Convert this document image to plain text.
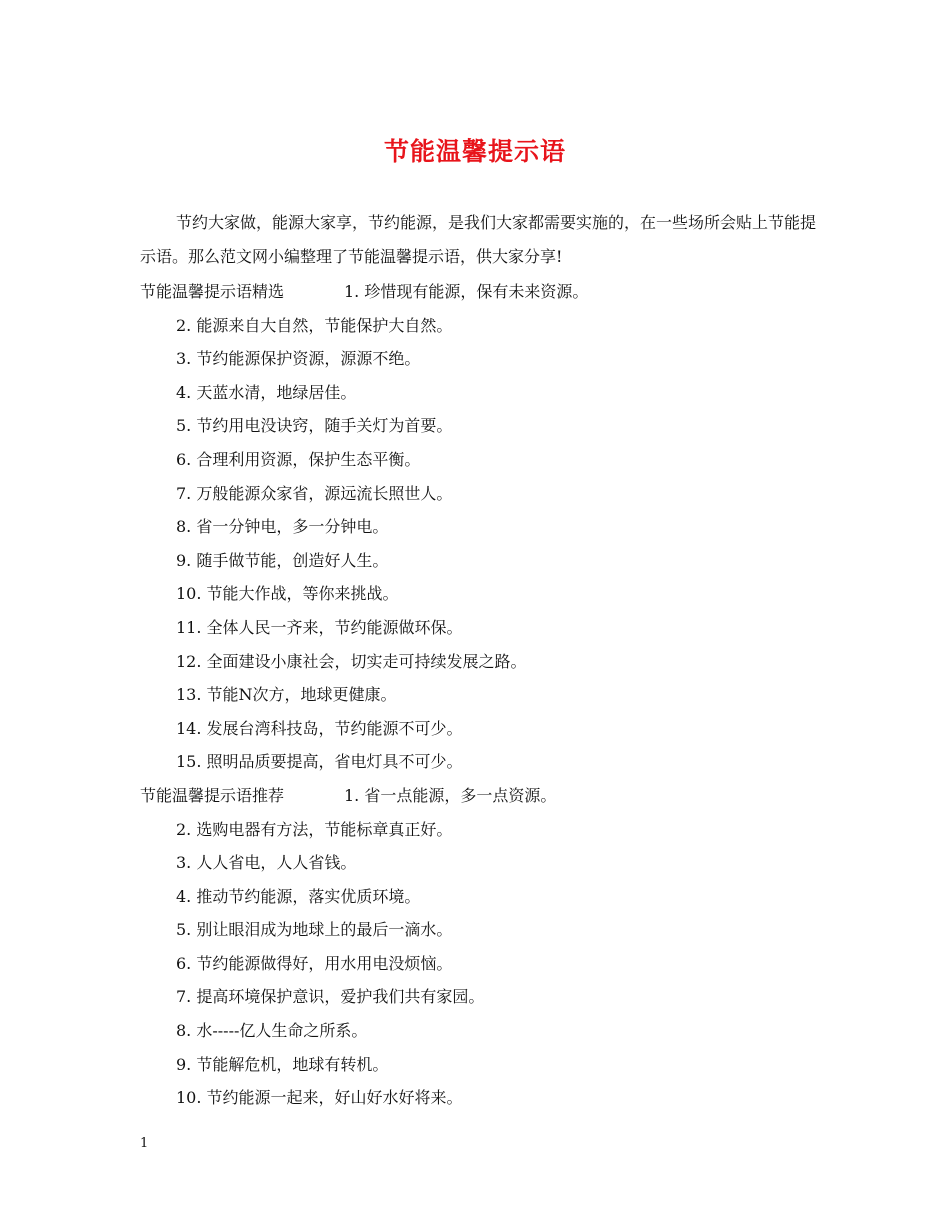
节能温馨提示语

节约大家做，能源大家享，节约能源，是我们大家都需要实施的，在一些场所会贴上节能提示语。那么范文网小编整理了节能温馨提示语，供大家分享!

节能温馨提示语精选	1. 珍惜现有能源，保有未来资源。
2. 能源来自大自然，节能保护大自然。
3. 节约能源保护资源，源源不绝。
4. 天蓝水清，地绿居佳。
5. 节约用电没诀窍，随手关灯为首要。
6. 合理利用资源，保护生态平衡。
7. 万般能源众家省，源远流长照世人。
8. 省一分钟电，多一分钟电。
9. 随手做节能，创造好人生。
10. 节能大作战，等你来挑战。
11. 全体人民一齐来，节约能源做环保。
12. 全面建设小康社会，切实走可持续发展之路。
13. 节能N次方，地球更健康。
14. 发展台湾科技岛，节约能源不可少。
15. 照明品质要提高，省电灯具不可少。
节能温馨提示语推荐	1. 省一点能源，多一点资源。
2. 选购电器有方法，节能标章真正好。
3. 人人省电，人人省钱。
4. 推动节约能源，落实优质环境。
5. 别让眼泪成为地球上的最后一滴水。
6. 节约能源做得好，用水用电没烦恼。
7. 提高环境保护意识，爱护我们共有家园。
8. 水-----亿人生命之所系。
9. 节能解危机，地球有转机。
10. 节约能源一起来，好山好水好将来。
1
